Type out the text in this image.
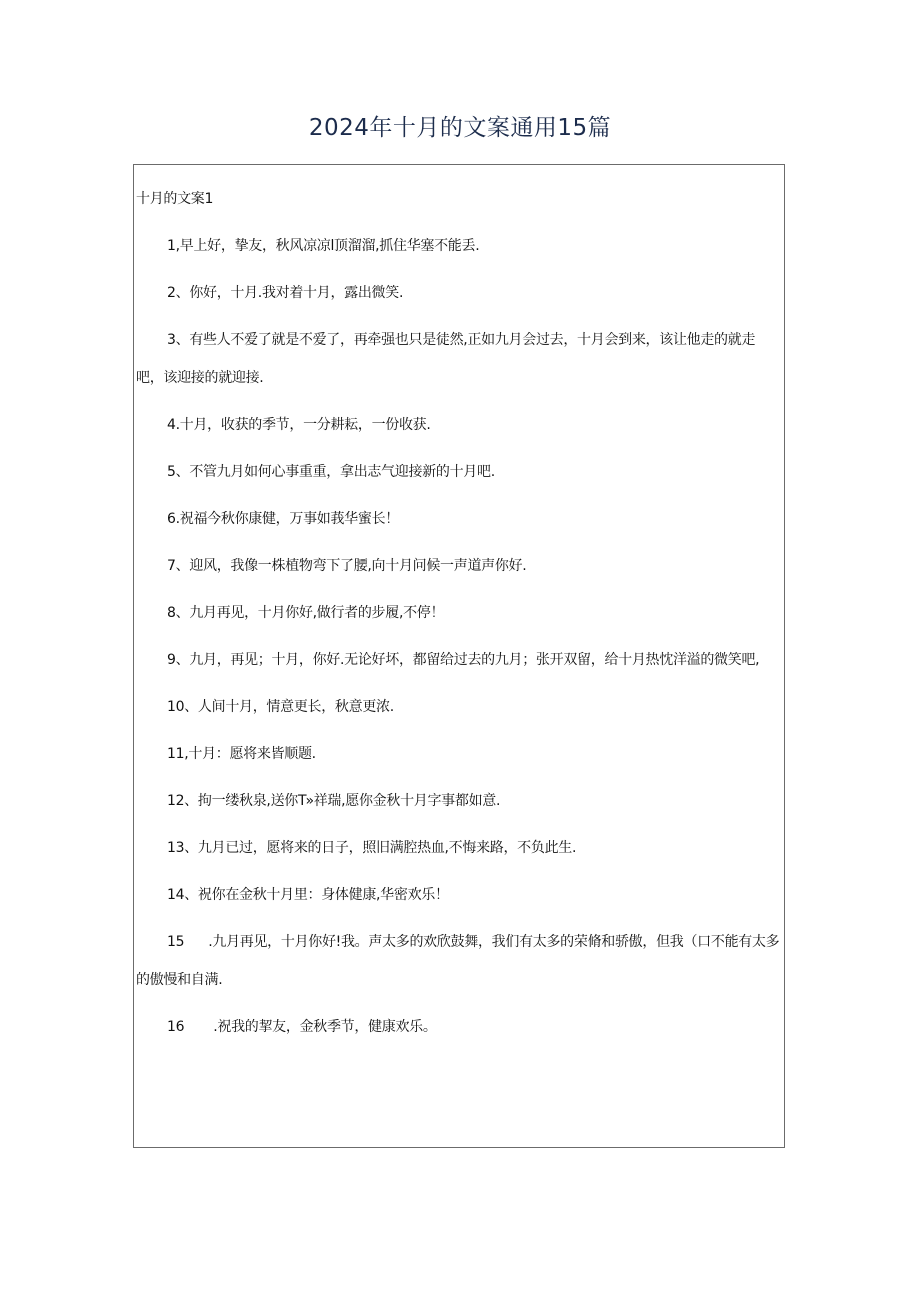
2024年十月的文案通用15篇
十月的文案1
1,早上好，挚友，秋风凉凉l顶溜溜,抓住华塞不能丢.
2、你好，十月.我对着十月，露出微笑.
3、有些人不爱了就是不爱了，再牵强也只是徒然,正如九月会过去，十月会到来，该让他走的就走吧，该迎接的就迎接.
4.十月，收获的季节，一分耕耘，一份收获.
5、不管九月如何心事重重，拿出志气迎接新的十月吧.
6.祝福今秋你康健，万事如莪华蜜长！
7、迎风，我像一株植物弯下了腰,向十月问候一声道声你好.
8、九月再见，十月你好,做行者的步履,不停！
9、九月，再见；十月，你好.无论好坏，都留给过去的九月；张开双留，给十月热忱洋溢的微笑吧,
10、人间十月，情意更长，秋意更浓.
11,十月：愿将来皆顺题.
12、拘一缕秋泉,送你T»祥瑞,愿你金秋十月字事都如意.
13、九月已过，愿将来的日子，照旧满腔热血,不悔来路，不负此生.
14、祝你在金秋十月里：身体健康,华密欢乐！
15 .九月再见，十月你好!我。声太多的欢欣鼓舞，我们有太多的荣脩和骄傲，但我（口不能有太多的傲慢和自满.
16 .祝我的挈友，金秋季节，健康欢乐。
